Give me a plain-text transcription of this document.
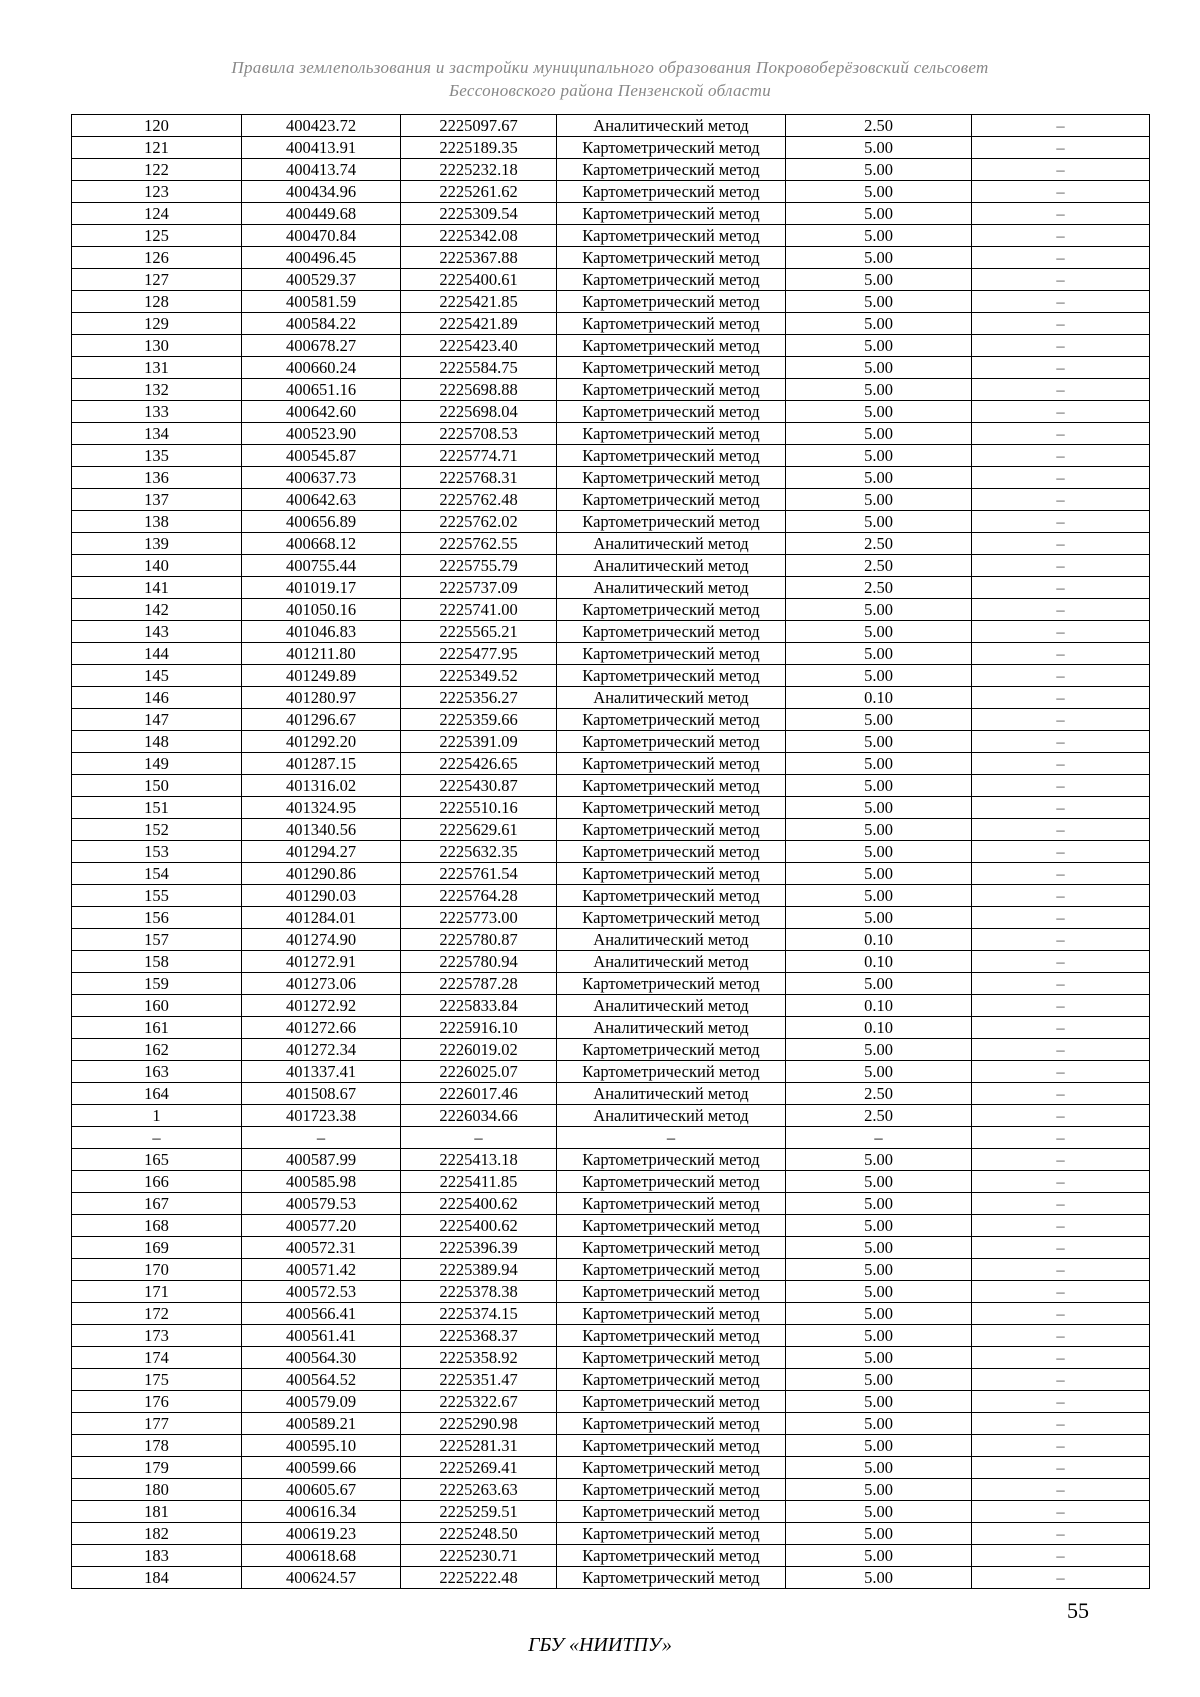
Правила землепользования и застройки муниципального образования Покровоберёзовский сельсовет
Бессоновского района Пензенской области
120	400423.72	2225097.67	Аналитический метод	2.50	–
121	400413.91	2225189.35	Картометрический метод	5.00	–
122	400413.74	2225232.18	Картометрический метод	5.00	–
123	400434.96	2225261.62	Картометрический метод	5.00	–
124	400449.68	2225309.54	Картометрический метод	5.00	–
125	400470.84	2225342.08	Картометрический метод	5.00	–
126	400496.45	2225367.88	Картометрический метод	5.00	–
127	400529.37	2225400.61	Картометрический метод	5.00	–
128	400581.59	2225421.85	Картометрический метод	5.00	–
129	400584.22	2225421.89	Картометрический метод	5.00	–
130	400678.27	2225423.40	Картометрический метод	5.00	–
131	400660.24	2225584.75	Картометрический метод	5.00	–
132	400651.16	2225698.88	Картометрический метод	5.00	–
133	400642.60	2225698.04	Картометрический метод	5.00	–
134	400523.90	2225708.53	Картометрический метод	5.00	–
135	400545.87	2225774.71	Картометрический метод	5.00	–
136	400637.73	2225768.31	Картометрический метод	5.00	–
137	400642.63	2225762.48	Картометрический метод	5.00	–
138	400656.89	2225762.02	Картометрический метод	5.00	–
139	400668.12	2225762.55	Аналитический метод	2.50	–
140	400755.44	2225755.79	Аналитический метод	2.50	–
141	401019.17	2225737.09	Аналитический метод	2.50	–
142	401050.16	2225741.00	Картометрический метод	5.00	–
143	401046.83	2225565.21	Картометрический метод	5.00	–
144	401211.80	2225477.95	Картометрический метод	5.00	–
145	401249.89	2225349.52	Картометрический метод	5.00	–
146	401280.97	2225356.27	Аналитический метод	0.10	–
147	401296.67	2225359.66	Картометрический метод	5.00	–
148	401292.20	2225391.09	Картометрический метод	5.00	–
149	401287.15	2225426.65	Картометрический метод	5.00	–
150	401316.02	2225430.87	Картометрический метод	5.00	–
151	401324.95	2225510.16	Картометрический метод	5.00	–
152	401340.56	2225629.61	Картометрический метод	5.00	–
153	401294.27	2225632.35	Картометрический метод	5.00	–
154	401290.86	2225761.54	Картометрический метод	5.00	–
155	401290.03	2225764.28	Картометрический метод	5.00	–
156	401284.01	2225773.00	Картометрический метод	5.00	–
157	401274.90	2225780.87	Аналитический метод	0.10	–
158	401272.91	2225780.94	Аналитический метод	0.10	–
159	401273.06	2225787.28	Картометрический метод	5.00	–
160	401272.92	2225833.84	Аналитический метод	0.10	–
161	401272.66	2225916.10	Аналитический метод	0.10	–
162	401272.34	2226019.02	Картометрический метод	5.00	–
163	401337.41	2226025.07	Картометрический метод	5.00	–
164	401508.67	2226017.46	Аналитический метод	2.50	–
1	401723.38	2226034.66	Аналитический метод	2.50	–
–	–	–	–	–	–
165	400587.99	2225413.18	Картометрический метод	5.00	–
166	400585.98	2225411.85	Картометрический метод	5.00	–
167	400579.53	2225400.62	Картометрический метод	5.00	–
168	400577.20	2225400.62	Картометрический метод	5.00	–
169	400572.31	2225396.39	Картометрический метод	5.00	–
170	400571.42	2225389.94	Картометрический метод	5.00	–
171	400572.53	2225378.38	Картометрический метод	5.00	–
172	400566.41	2225374.15	Картометрический метод	5.00	–
173	400561.41	2225368.37	Картометрический метод	5.00	–
174	400564.30	2225358.92	Картометрический метод	5.00	–
175	400564.52	2225351.47	Картометрический метод	5.00	–
176	400579.09	2225322.67	Картометрический метод	5.00	–
177	400589.21	2225290.98	Картометрический метод	5.00	–
178	400595.10	2225281.31	Картометрический метод	5.00	–
179	400599.66	2225269.41	Картометрический метод	5.00	–
180	400605.67	2225263.63	Картометрический метод	5.00	–
181	400616.34	2225259.51	Картометрический метод	5.00	–
182	400619.23	2225248.50	Картометрический метод	5.00	–
183	400618.68	2225230.71	Картометрический метод	5.00	–
184	400624.57	2225222.48	Картометрический метод	5.00	–
55
ГБУ «НИИТПУ»
